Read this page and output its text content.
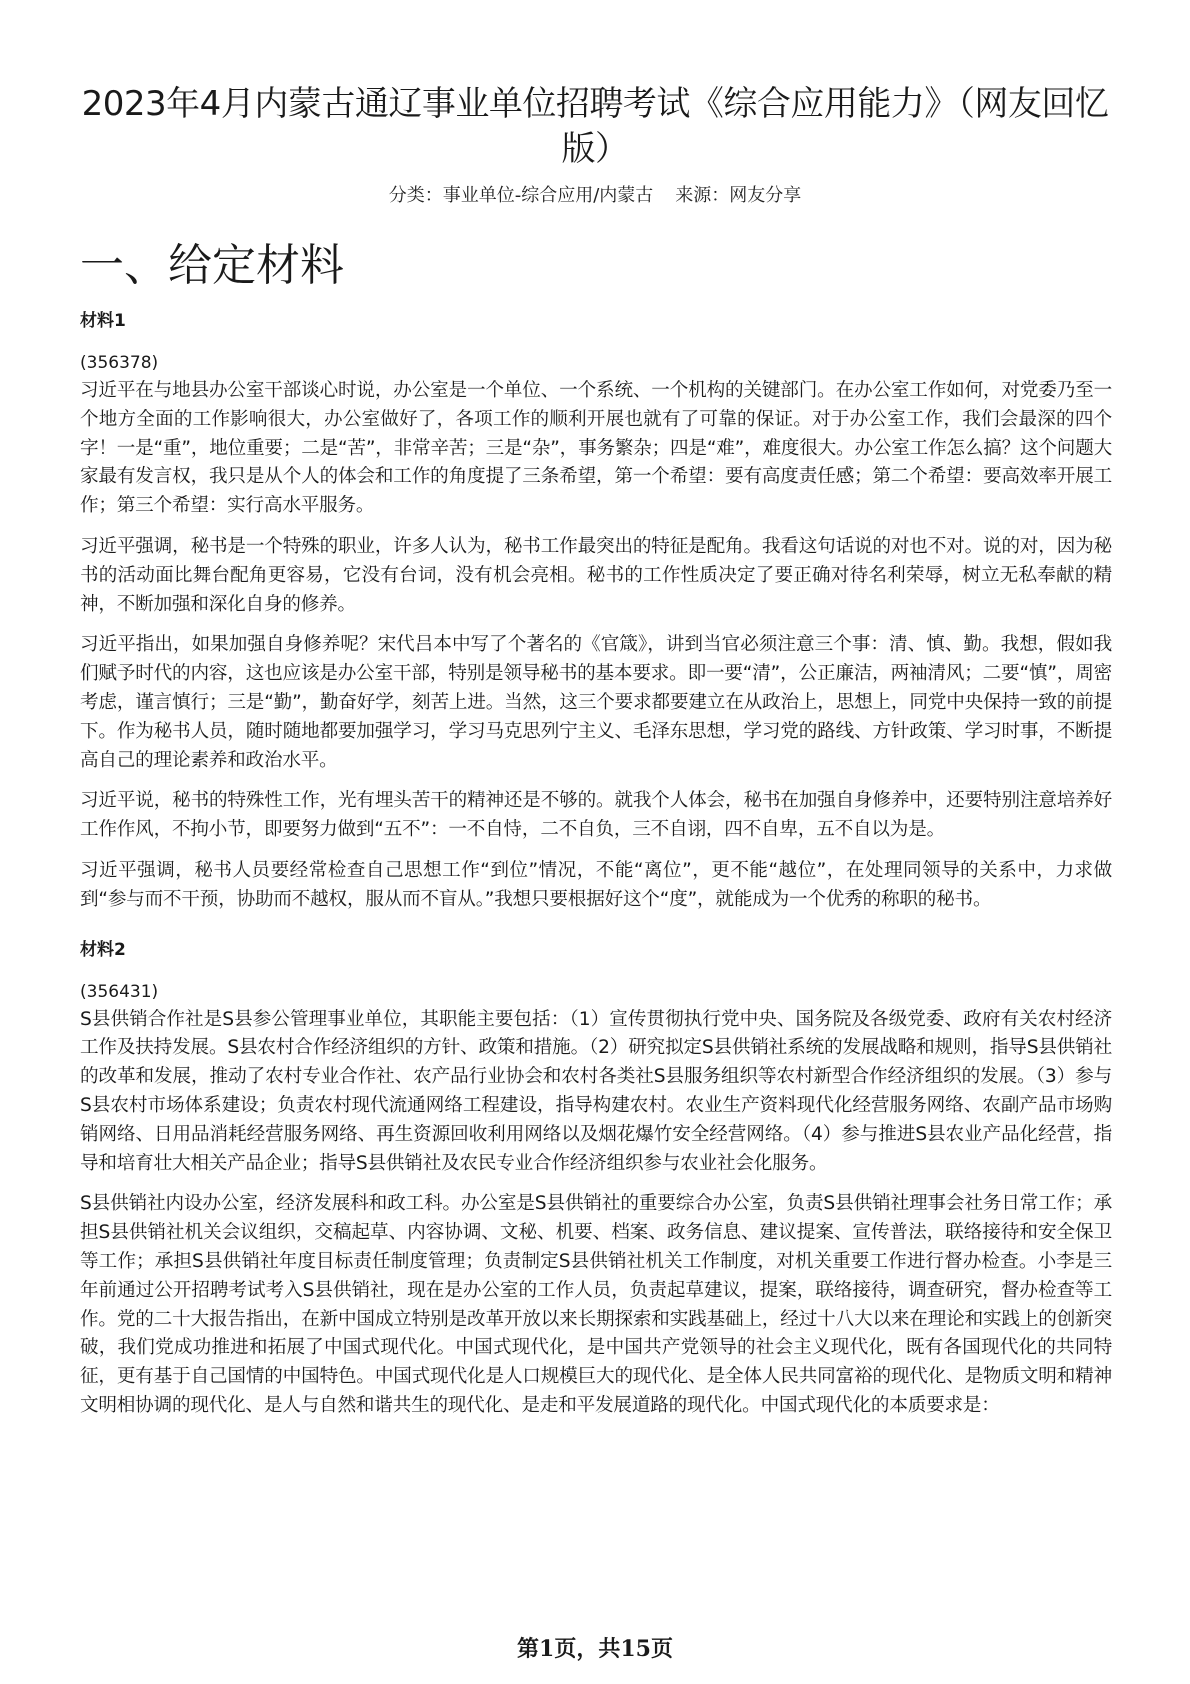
2023年4月内蒙古通辽事业单位招聘考试《综合应用能力》（网友回忆版）
分类：事业单位-综合应用/内蒙古 来源：网友分享
一、给定材料
材料1
(356378)

习近平在与地县办公室干部谈心时说，办公室是一个单位、一个系统、一个机构的关键部门。在办公室工作如何，对党委乃至一个地方全面的工作影响很大，办公室做好了，各项工作的顺利开展也就有了可靠的保证。对于办公室工作，我们会最深的四个字！一是“重”，地位重要；二是“苦”，非常辛苦；三是“杂”，事务繁杂；四是“难”，难度很大。办公室工作怎么搞？这个问题大家最有发言权，我只是从个人的体会和工作的角度提了三条希望，第一个希望：要有高度责任感；第二个希望：要高效率开展工作；第三个希望：实行高水平服务。

习近平强调，秘书是一个特殊的职业，许多人认为，秘书工作最突出的特征是配角。我看这句话说的对也不对。说的对，因为秘书的活动面比舞台配角更容易，它没有台词，没有机会亮相。秘书的工作性质决定了要正确对待名利荣辱，树立无私奉献的精神，不断加强和深化自身的修养。

习近平指出，如果加强自身修养呢？宋代吕本中写了个著名的《官箴》，讲到当官必须注意三个事：清、慎、勤。我想，假如我们赋予时代的内容，这也应该是办公室干部，特别是领导秘书的基本要求。即一要“清”，公正廉洁，两袖清风；二要“慎”，周密考虑，谨言慎行；三是“勤”，勤奋好学，刻苦上进。当然，这三个要求都要建立在从政治上，思想上，同党中央保持一致的前提下。作为秘书人员，随时随地都要加强学习，学习马克思列宁主义、毛泽东思想，学习党的路线、方针政策、学习时事，不断提高自己的理论素养和政治水平。

习近平说，秘书的特殊性工作，光有埋头苦干的精神还是不够的。就我个人体会，秘书在加强自身修养中，还要特别注意培养好工作作风，不拘小节，即要努力做到“五不”：一不自恃，二不自负，三不自诩，四不自卑，五不自以为是。

习近平强调，秘书人员要经常检查自己思想工作“到位”情况，不能“离位”，更不能“越位”，在处理同领导的关系中，力求做到“参与而不干预，协助而不越权，服从而不盲从。”我想只要根据好这个“度”，就能成为一个优秀的称职的秘书。

材料2
(356431)

S县供销合作社是S县参公管理事业单位，其职能主要包括：（1）宣传贯彻执行党中央、国务院及各级党委、政府有关农村经济工作及扶持发展。S县农村合作经济组织的方针、政策和措施。（2）研究拟定S县供销社系统的发展战略和规则，指导S县供销社的改革和发展，推动了农村专业合作社、农产品行业协会和农村各类社S县服务组织等农村新型合作经济组织的发展。（3）参与S县农村市场体系建设；负责农村现代流通网络工程建设，指导构建农村。农业生产资料现代化经营服务网络、农副产品市场购销网络、日用品消耗经营服务网络、再生资源回收利用网络以及烟花爆竹安全经营网络。（4）参与推进S县农业产品化经营，指导和培育壮大相关产品企业；指导S县供销社及农民专业合作经济组织参与农业社会化服务。

S县供销社内设办公室，经济发展科和政工科。办公室是S县供销社的重要综合办公室，负责S县供销社理事会社务日常工作；承担S县供销社机关会议组织，交稿起草、内容协调、文秘、机要、档案、政务信息、建议提案、宣传普法，联络接待和安全保卫等工作；承担S县供销社年度目标责任制度管理；负责制定S县供销社机关工作制度，对机关重要工作进行督办检查。小李是三年前通过公开招聘考试考入S县供销社，现在是办公室的工作人员，负责起草建议，提案，联络接待，调查研究，督办检查等工作。党的二十大报告指出，在新中国成立特别是改革开放以来长期探索和实践基础上，经过十八大以来在理论和实践上的创新突破，我们党成功推进和拓展了中国式现代化。中国式现代化，是中国共产党领导的社会主义现代化，既有各国现代化的共同特征，更有基于自己国情的中国特色。中国式现代化是人口规模巨大的现代化、是全体人民共同富裕的现代化、是物质文明和精神文明相协调的现代化、是人与自然和谐共生的现代化、是走和平发展道路的现代化。中国式现代化的本质要求是：

第1页，共15页
